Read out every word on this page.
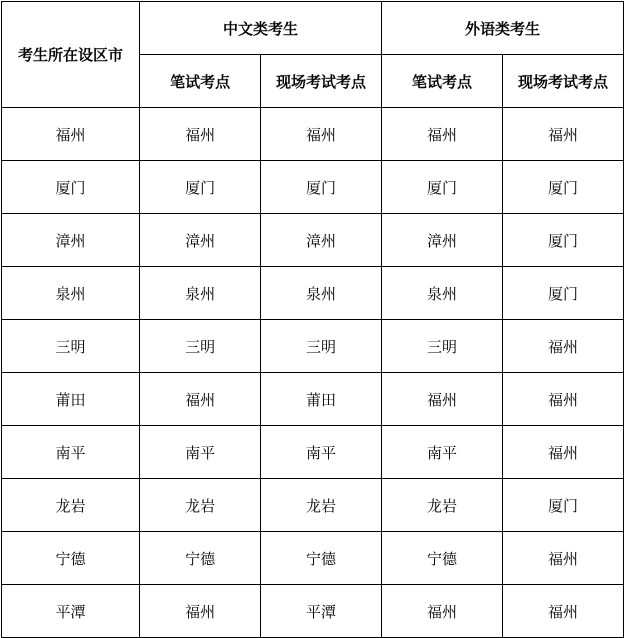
考生所在设区市	中文类考生		外语类考生	
	笔试考点	现场考试考点	笔试考点	现场考试考点
福州	福州	福州	福州	福州
厦门	厦门	厦门	厦门	厦门
漳州	漳州	漳州	漳州	厦门
泉州	泉州	泉州	泉州	厦门
三明	三明	三明	三明	福州
莆田	福州	莆田	福州	福州
南平	南平	南平	南平	福州
龙岩	龙岩	龙岩	龙岩	厦门
宁德	宁德	宁德	宁德	福州
平潭	福州	平潭	福州	福州
